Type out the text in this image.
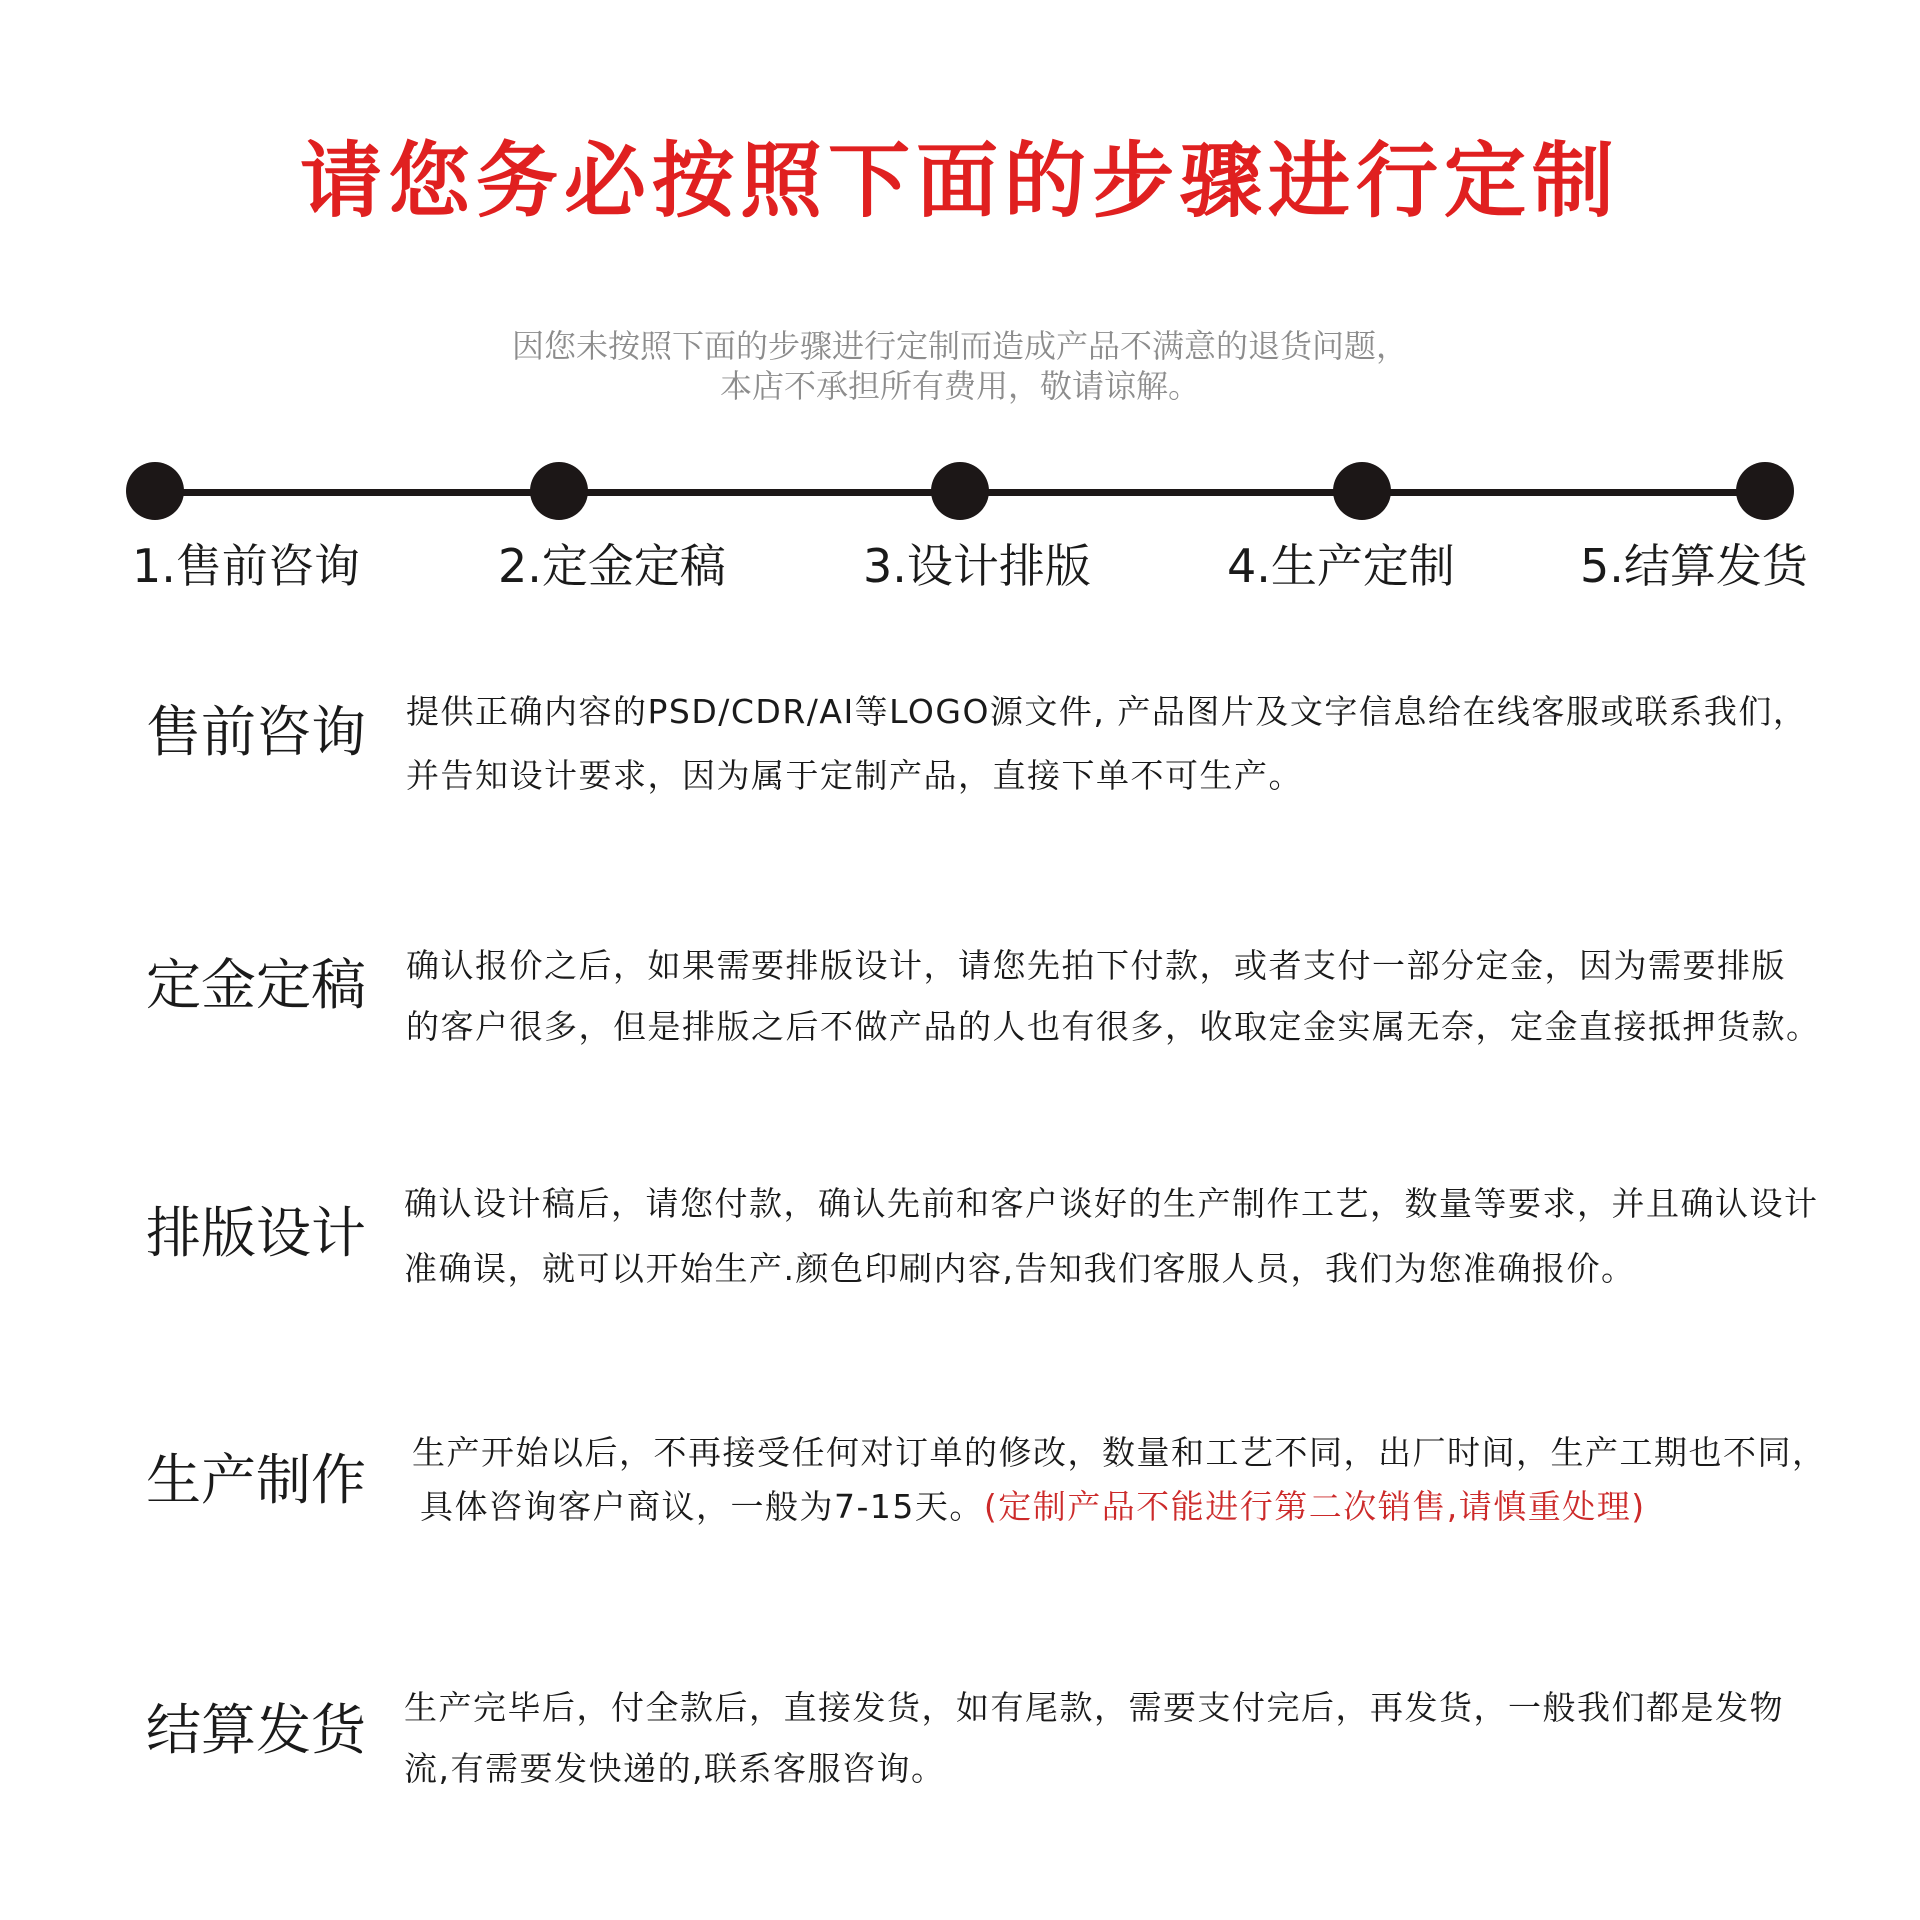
请您务必按照下面的步骤进行定制
因您未按照下面的步骤进行定制而造成产品不满意的退货问题，
本店不承担所有费用，敬请谅解。
1.售前咨询	2.定金定稿	3.设计排版	4.生产定制	5.结算发货
售前咨询 提供正确内容的PSD/CDR/AI等LOGO源文件, 产品图片及文字信息给在线客服或联系我们，
并告知设计要求，因为属于定制产品，直接下单不可生产。
定金定稿 确认报价之后，如果需要排版设计，请您先拍下付款，或者支付一部分定金，因为需要排版
的客户很多，但是排版之后不做产品的人也有很多，收取定金实属无奈，定金直接抵押货款。
排版设计 确认设计稿后，请您付款，确认先前和客户谈好的生产制作工艺，数量等要求，并且确认设计
准确误，就可以开始生产.颜色印刷内容,告知我们客服人员，我们为您准确报价。
生产制作 生产开始以后，不再接受任何对订单的修改，数量和工艺不同，出厂时间，生产工期也不同，
具体咨询客户商议，一般为7-15天。(定制产品不能进行第二次销售,请慎重处理)
结算发货 生产完毕后，付全款后，直接发货，如有尾款，需要支付完后，再发货，一般我们都是发物
流,有需要发快递的,联系客服咨询。
